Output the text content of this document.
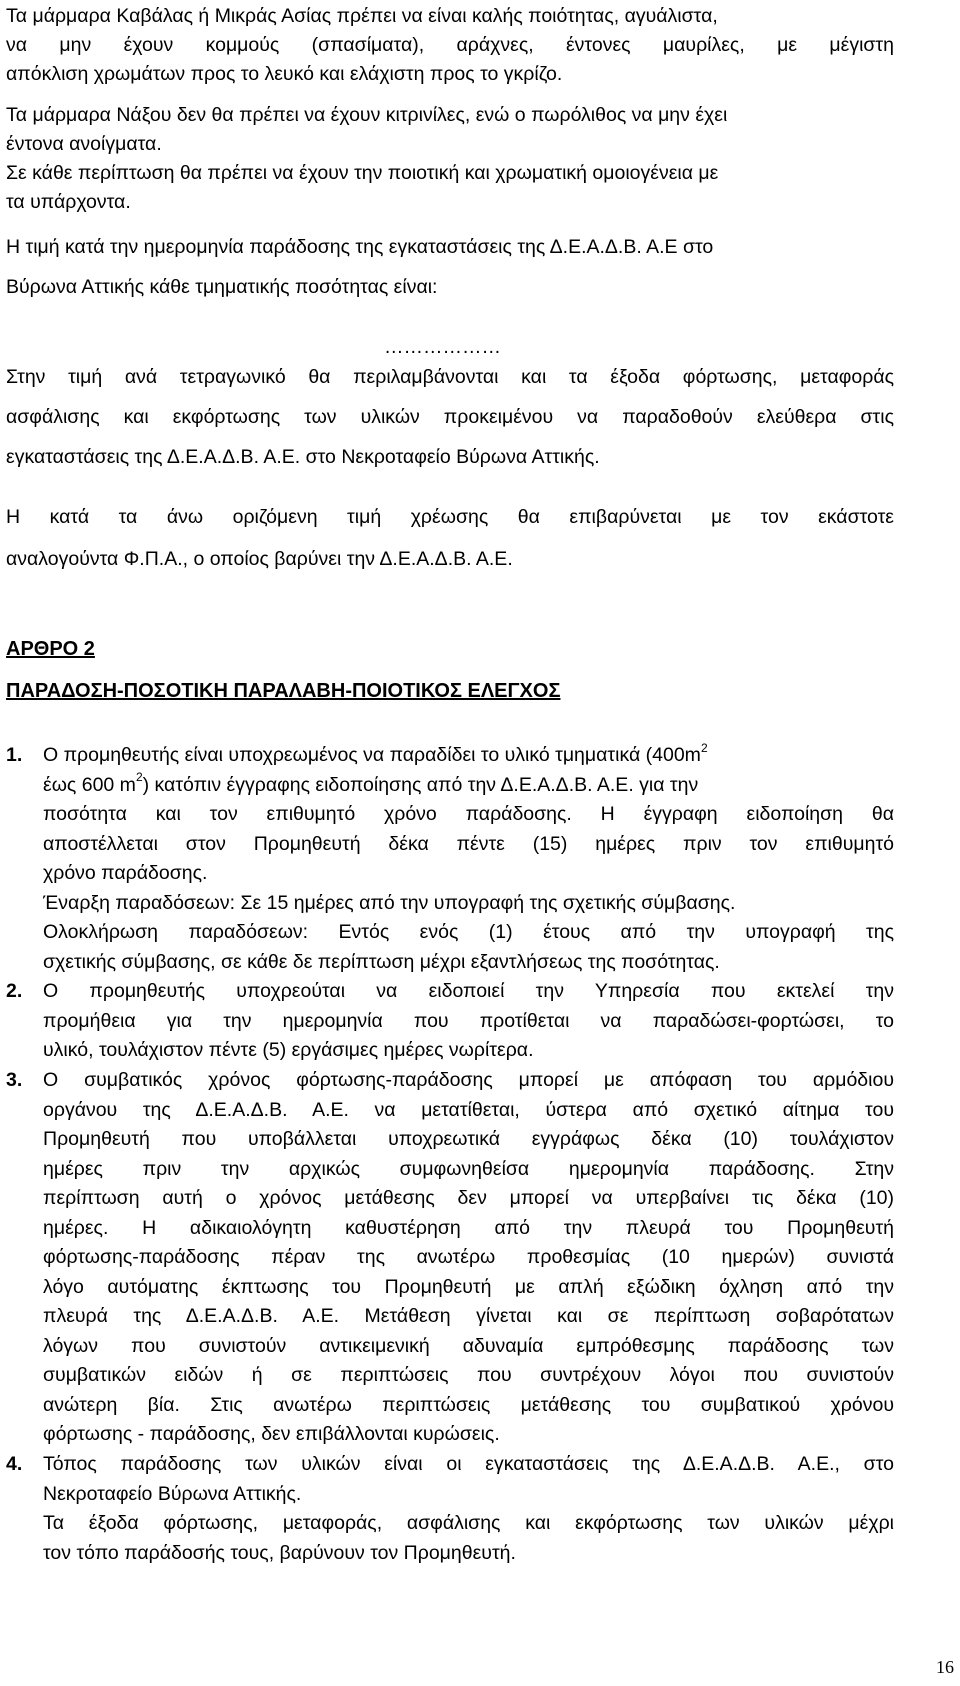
Τα μάρμαρα Καβάλας ή Μικράς Ασίας πρέπει να είναι καλής ποιότητας, αγυάλιστα,
να μην έχουν κομμούς (σπασίματα), αράχνες, έντονες μαυρίλες, με μέγιστη
απόκλιση χρωμάτων προς το λευκό και ελάχιστη προς το γκρίζο.
Τα μάρμαρα Νάξου δεν θα πρέπει να έχουν κιτρινίλες, ενώ ο πωρόλιθος να μην έχει
έντονα ανοίγματα.
Σε κάθε περίπτωση θα πρέπει να έχουν την ποιοτική και χρωματική ομοιογένεια με
τα υπάρχοντα.
Η τιμή κατά την ημερομηνία παράδοσης της εγκαταστάσεις της Δ.Ε.Α.Δ.Β. Α.Ε στο
Βύρωνα Αττικής κάθε τμηματικής ποσότητας είναι:
………………
Στην τιμή ανά τετραγωνικό θα περιλαμβάνονται και τα έξοδα φόρτωσης, μεταφοράς
ασφάλισης και εκφόρτωσης των υλικών προκειμένου να παραδοθούν ελεύθερα στις
εγκαταστάσεις της Δ.Ε.Α.Δ.Β. Α.Ε. στο Νεκροταφείο Βύρωνα Αττικής.
Η κατά τα άνω οριζόμενη τιμή χρέωσης θα επιβαρύνεται με τον εκάστοτε
αναλογούντα Φ.Π.Α., ο οποίος βαρύνει την Δ.Ε.Α.Δ.Β. Α.Ε.
ΑΡΘΡΟ 2
ΠΑΡΑΔΟΣΗ-ΠΟΣΟΤΙΚΗ ΠΑΡΑΛΑΒΗ-ΠΟΙΟΤΙΚΟΣ ΕΛΕΓΧΟΣ
1. Ο προμηθευτής είναι υποχρεωμένος να παραδίδει το υλικό τμηματικά ($400m^2$
έως 600 $m^2$) κατόπιν έγγραφης ειδοποίησης από την Δ.Ε.Α.Δ.Β. Α.Ε. για την
ποσότητα και τον επιθυμητό χρόνο παράδοσης. Η έγγραφη ειδοποίηση θα
αποστέλλεται στον Προμηθευτή δέκα πέντε (15) ημέρες πριν τον επιθυμητό
χρόνο παράδοσης.
Έναρξη παραδόσεων: Σε 15 ημέρες από την υπογραφή της σχετικής σύμβασης.
Ολοκλήρωση παραδόσεων: Εντός ενός (1) έτους από την υπογραφή της
σχετικής σύμβασης, σε κάθε δε περίπτωση μέχρι εξαντλήσεως της ποσότητας.
2. Ο προμηθευτής υποχρεούται να ειδοποιεί την Υπηρεσία που εκτελεί την
προμήθεια για την ημερομηνία που προτίθεται να παραδώσει-φορτώσει, το
υλικό, τουλάχιστον πέντε (5) εργάσιμες ημέρες νωρίτερα.
3. Ο συμβατικός χρόνος φόρτωσης-παράδοσης μπορεί με απόφαση του αρμόδιου
οργάνου της Δ.Ε.Α.Δ.Β. Α.Ε. να μετατίθεται, ύστερα από σχετικό αίτημα του
Προμηθευτή που υποβάλλεται υποχρεωτικά εγγράφως δέκα (10) τουλάχιστον
ημέρες πριν την αρχικώς συμφωνηθείσα ημερομηνία παράδοσης. Στην
περίπτωση αυτή ο χρόνος μετάθεσης δεν μπορεί να υπερβαίνει τις δέκα (10)
ημέρες. Η αδικαιολόγητη καθυστέρηση από την πλευρά του Προμηθευτή
φόρτωσης-παράδοσης πέραν της ανωτέρω προθεσμίας (10 ημερών) συνιστά
λόγο αυτόματης έκπτωσης του Προμηθευτή με απλή εξώδικη όχληση από την
πλευρά της Δ.Ε.Α.Δ.Β. Α.Ε. Μετάθεση γίνεται και σε περίπτωση σοβαρότατων
λόγων που συνιστούν αντικειμενική αδυναμία εμπρόθεσμης παράδοσης των
συμβατικών ειδών ή σε περιπτώσεις που συντρέχουν λόγοι που συνιστούν
ανώτερη βία. Στις ανωτέρω περιπτώσεις μετάθεσης του συμβατικού χρόνου
φόρτωσης - παράδοσης, δεν επιβάλλονται κυρώσεις.
4. Τόπος παράδοσης των υλικών είναι οι εγκαταστάσεις της Δ.Ε.Α.Δ.Β. Α.Ε., στο
Νεκροταφείο Βύρωνα Αττικής.
Τα έξοδα φόρτωσης, μεταφοράς, ασφάλισης και εκφόρτωσης των υλικών μέχρι
τον τόπο παράδοσής τους, βαρύνουν τον Προμηθευτή.
16
